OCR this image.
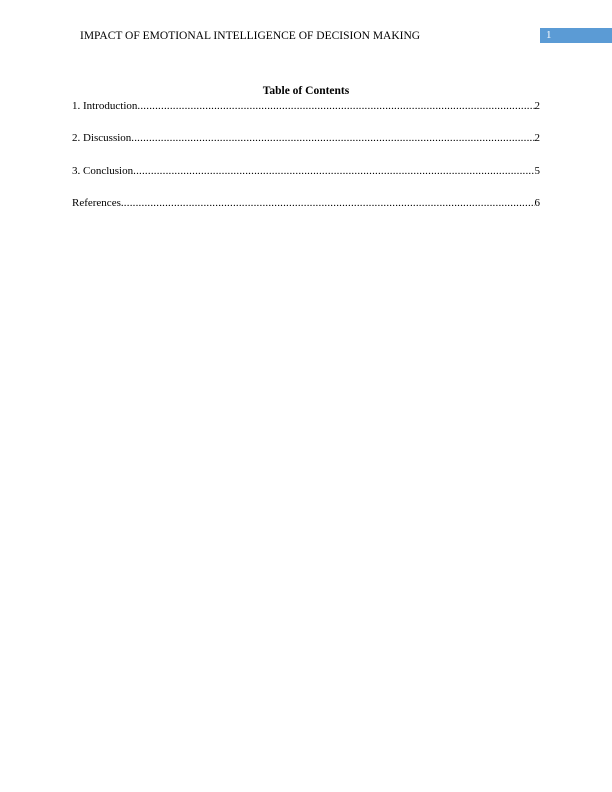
IMPACT OF EMOTIONAL INTELLIGENCE OF DECISION MAKING	1
Table of Contents
1. Introduction .....	2
2. Discussion .....	2
3. Conclusion .....	5
References .....	6
